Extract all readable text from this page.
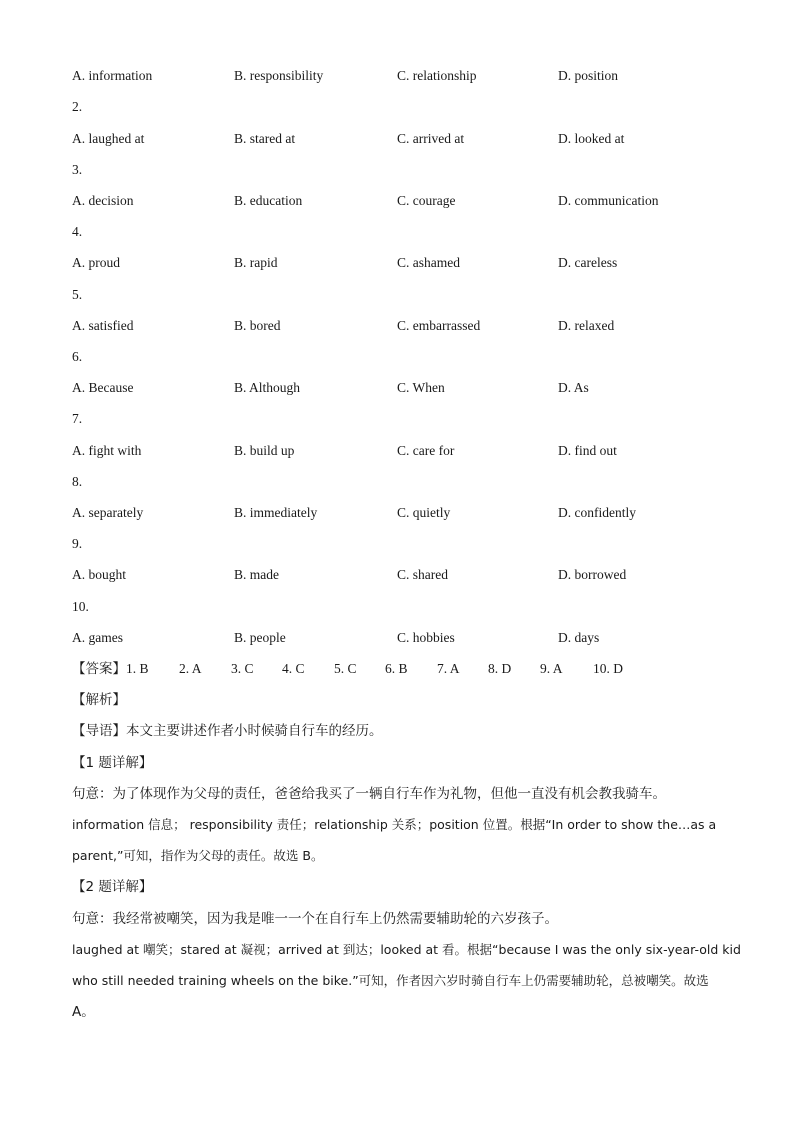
A. information	B. responsibility	C. relationship	D. position
2.
A. laughed at	B. stared at	C. arrived at	D. looked at
3.
A. decision	B. education	C. courage	D. communication
4.
A. proud	B. rapid	C. ashamed	D. careless
5.
A. satisfied	B. bored	C. embarrassed	D. relaxed
6.
A. Because	B. Although	C. When	D. As
7.
A. fight with	B. build up	C. care for	D. find out
8.
A. separately	B. immediately	C. quietly	D. confidently
9.
A. bought	B. made	C. shared	D. borrowed
10.
A. games	B. people	C. hobbies	D. days
【答案】 1. B 2. A 3. C 4. C 5. C 6. B 7. A 8. D 9. A 10. D
【解析】
【导语】本文主要讲述作者小时候骑自行车的经历。
【1 题详解】
句意：为了体现作为父母的责任，爸爸给我买了一辆自行车作为礼物，但他一直没有机会教我骑车。
information 信息； responsibility 责任；relationship 关系；position 位置。根据“In order to show the…as a
parent,”可知，指作为父母的责任。故选 B。
【2 题详解】
句意：我经常被嘲笑，因为我是唯一一个在自行车上仍然需要辅助轮的六岁孩子。
laughed at 嘲笑；stared at 凝视；arrived at 到达；looked at 看。根据“because I was the only six-year-old kid
who still needed training wheels on the bike.”可知，作者因六岁时骑自行车上仍需要辅助轮，总被嘲笑。故选
A。
